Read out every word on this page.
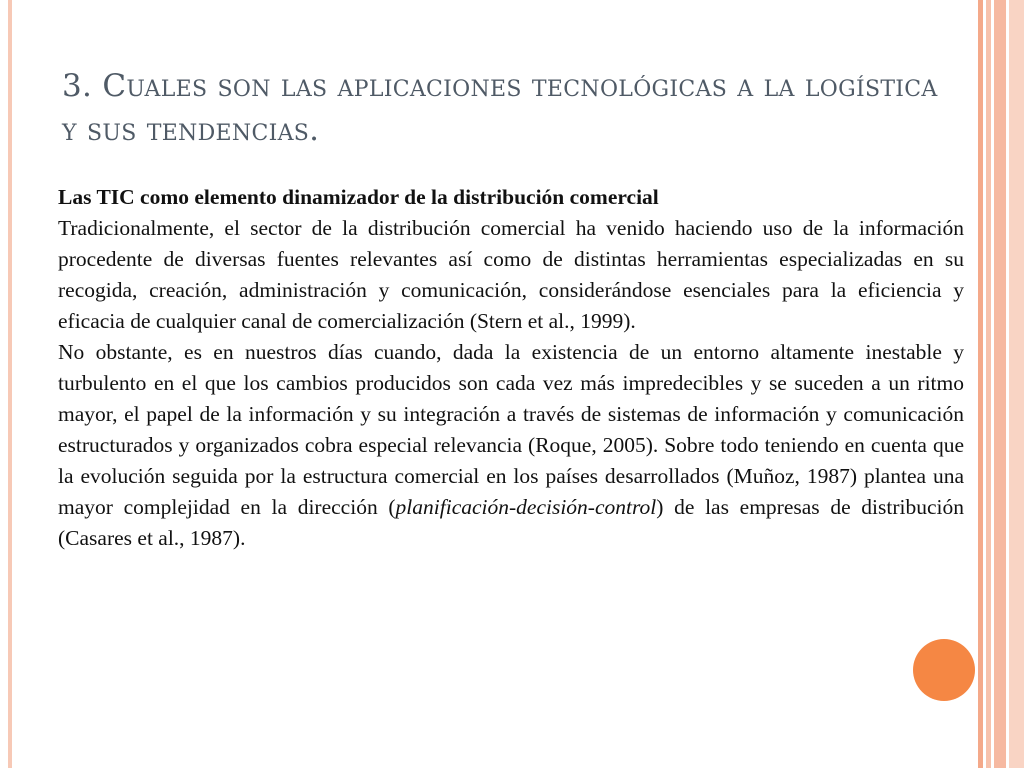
3. Cuales son las aplicaciones tecnológicas a la logística y sus tendencias.

Las TIC como elemento dinamizador de la distribución comercial

Tradicionalmente, el sector de la distribución comercial ha venido haciendo uso de la información procedente de diversas fuentes relevantes así como de distintas herramientas especializadas en su recogida, creación, administración y comunicación, considerándose esenciales para la eficiencia y eficacia de cualquier canal de comercialización (Stern et al., 1999).

No obstante, es en nuestros días cuando, dada la existencia de un entorno altamente inestable y turbulento en el que los cambios producidos son cada vez más impredecibles y se suceden a un ritmo mayor, el papel de la información y su integración a través de sistemas de información y comunicación estructurados y organizados cobra especial relevancia (Roque, 2005). Sobre todo teniendo en cuenta que la evolución seguida por la estructura comercial en los países desarrollados (Muñoz, 1987) plantea una mayor complejidad en la dirección (planificación-decisión-control) de las empresas de distribución (Casares et al., 1987).
